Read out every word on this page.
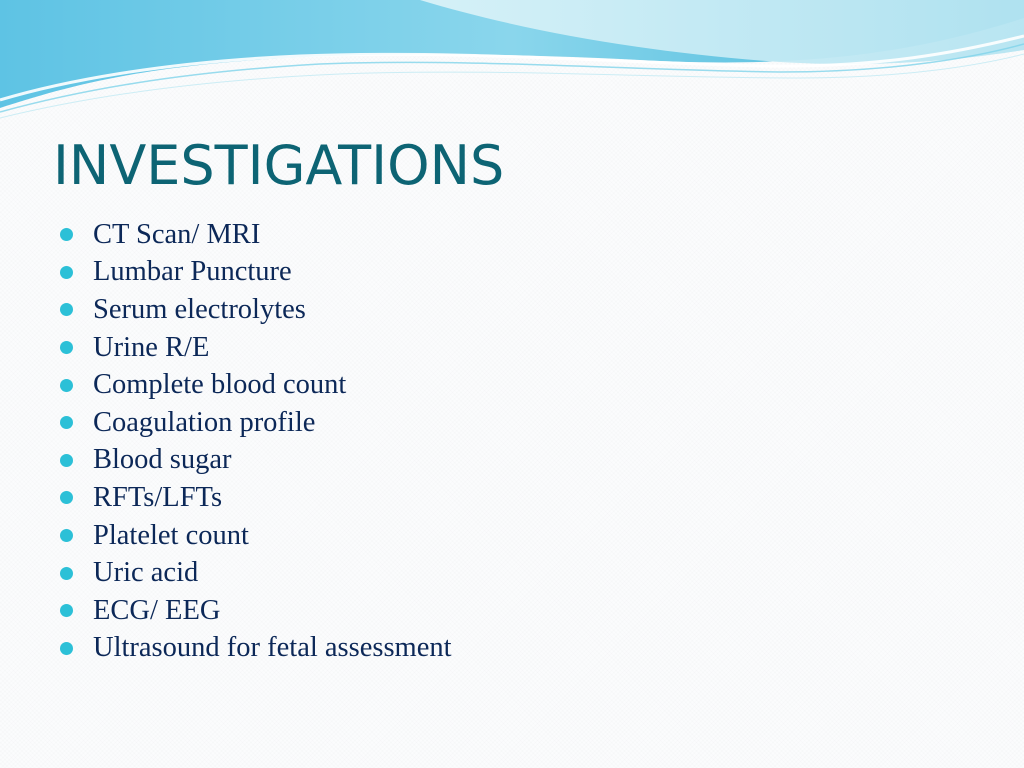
INVESTIGATIONS
CT Scan/ MRI
Lumbar Puncture
Serum electrolytes
Urine R/E
Complete blood count
Coagulation profile
Blood sugar
RFTs/LFTs
Platelet count
Uric acid
ECG/ EEG
Ultrasound for fetal assessment
